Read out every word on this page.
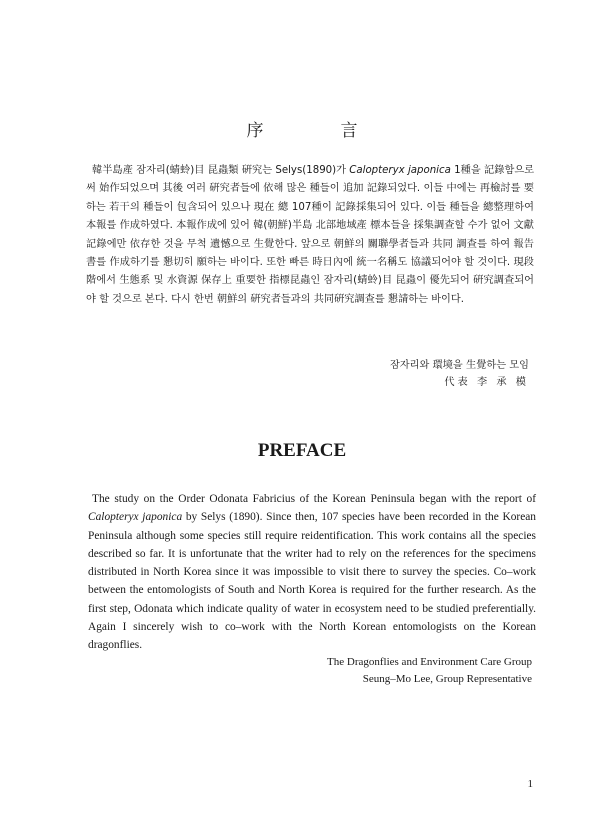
序　言

韓半島產 잠자리(蜻蛉)目 昆蟲類 硏究는 Selys(1890)가 Calopteryx japonica 1種을 記錄함으로써 始作되었으며 其後 여러 硏究者들에 依해 많은 種들이 追加 記錄되었다. 이들 中에는 再檢討를 要하는 若干의 種들이 包含되어 있으나 現在 總 107種이 記錄採集되어 있다. 이들 種들을 總整理하여 本報를 作成하였다. 本報作成에 있어 韓(朝鮮)半島 北部地域產 標本들을 採集調查할 수가 없어 文獻記錄에만 依存한 것을 무척 遺憾으로 生覺한다. 앞으로 朝鮮의 關聯學者들과 共同 調查를 하여 報告書를 作成하기를 懇切히 願하는 바이다. 또한 빠른 時日內에 統一名稱도 協議되어야 할 것이다. 現段階에서 生態系 및 水資源 保存上 重要한 指標昆蟲인 잠자리(蜻蛉)目 昆蟲이 優先되어 硏究調查되어야 할 것으로 본다. 다시 한번 朝鮮의 硏究者들과의 共同硏究調查를 懇請하는 바이다.

잠자리와 環境을 生覺하는 모임
代表 李 承 模
PREFACE

The study on the Order Odonata Fabricius of the Korean Peninsula began with the report of Calopteryx japonica by Selys (1890). Since then, 107 species have been recorded in the Korean Peninsula although some species still require reidentification. This work contains all the species described so far. It is unfortunate that the writer had to rely on the references for the specimens distributed in North Korea since it was impossible to visit there to survey the species. Co–work between the entomologists of South and North Korea is required for the further research. As the first step, Odonata which indicate quality of water in ecosystem need to be studied preferentially. Again I sincerely wish to co–work with the North Korean entomologists on the Korean dragonflies.

The Dragonflies and Environment Care Group
Seung–Mo Lee, Group Representative
1
